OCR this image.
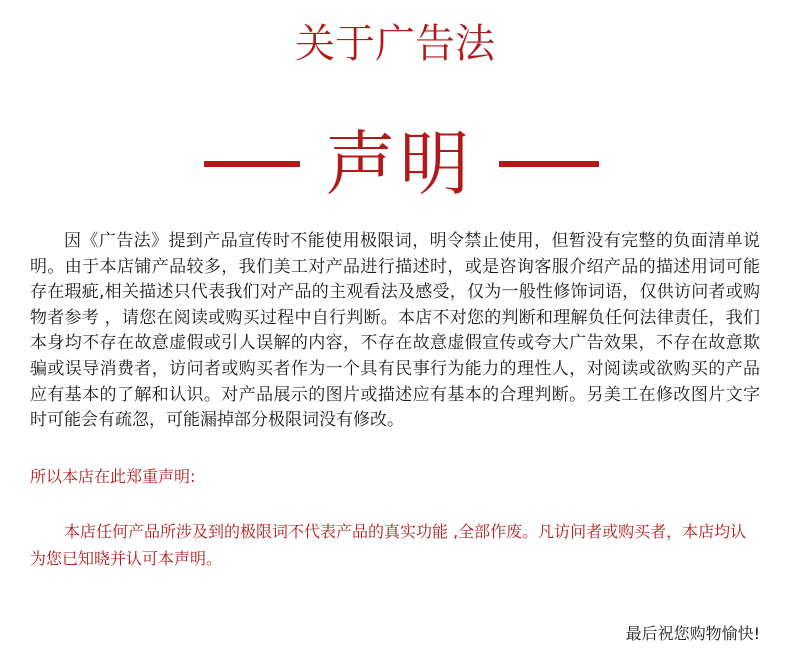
关于广告法
声明

因《广告法》提到产品宣传时不能使用极限词，明令禁止使用，但暂没有完整的负面清单说明。由于本店铺产品较多，我们美工对产品进行描述时，或是咨询客服介绍产品的描述用词可能存在瑕疵,相关描述只代表我们对产品的主观看法及感受，仅为一般性修饰词语，仅供访问者或购物者参考 ，请您在阅读或购买过程中自行判断。本店不对您的判断和理解负任何法律责任，我们本身均不存在故意虚假或引人误解的内容，不存在故意虚假宣传或夸大广告效果，不存在故意欺骗或误导消费者，访问者或购买者作为一个具有民事行为能力的理性人，对阅读或欲购买的产品应有基本的了解和认识。对产品展示的图片或描述应有基本的合理判断。另美工在修改图片文字时可能会有疏忽，可能漏掉部分极限词没有修改。

所以本店在此郑重声明:

本店任何产品所涉及到的极限词不代表产品的真实功能 ,全部作废。凡访问者或购买者，本店均认为您已知晓并认可本声明。

最后祝您购物愉快!
